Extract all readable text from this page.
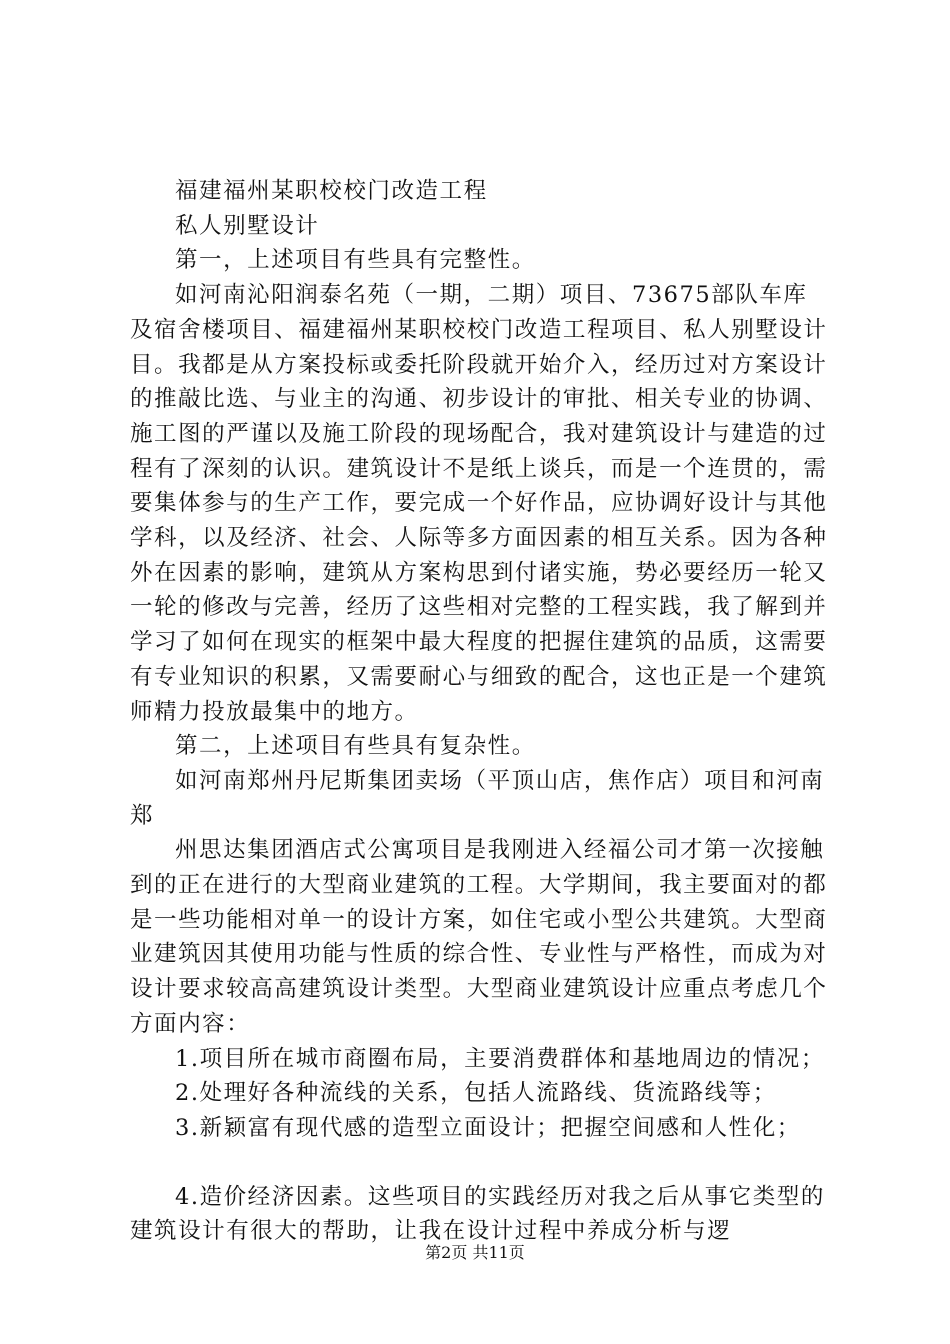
福建福州某职校校门改造工程

私人别墅设计

第一，上述项目有些具有完整性。

如河南沁阳润泰名苑（一期，二期）项目、73675部队车库及宿舍楼项目、福建福州某职校校门改造工程项目、私人别墅设计目。我都是从方案投标或委托阶段就开始介入，经历过对方案设计的推敲比选、与业主的沟通、初步设计的审批、相关专业的协调、施工图的严谨以及施工阶段的现场配合，我对建筑设计与建造的过程有了深刻的认识。建筑设计不是纸上谈兵，而是一个连贯的，需要集体参与的生产工作，要完成一个好作品，应协调好设计与其他学科，以及经济、社会、人际等多方面因素的相互关系。因为各种外在因素的影响，建筑从方案构思到付诸实施，势必要经历一轮又一轮的修改与完善，经历了这些相对完整的工程实践，我了解到并学习了如何在现实的框架中最大程度的把握住建筑的品质，这需要有专业知识的积累，又需要耐心与细致的配合，这也正是一个建筑师精力投放最集中的地方。

第二，上述项目有些具有复杂性。

如河南郑州丹尼斯集团卖场（平顶山店，焦作店）项目和河南郑

州思达集团酒店式公寓项目是我刚进入经福公司才第一次接触到的正在进行的大型商业建筑的工程。大学期间，我主要面对的都是一些功能相对单一的设计方案，如住宅或小型公共建筑。大型商业建筑因其使用功能与性质的综合性、专业性与严格性，而成为对设计要求较高高建筑设计类型。大型商业建筑设计应重点考虑几个方面内容：

1.项目所在城市商圈布局，主要消费群体和基地周边的情况；

2.处理好各种流线的关系，包括人流路线、货流路线等；

3.新颖富有现代感的造型立面设计；把握空间感和人性化；

4.造价经济因素。这些项目的实践经历对我之后从事它类型的建筑设计有很大的帮助，让我在设计过程中养成分析与逻

第2页 共11页
